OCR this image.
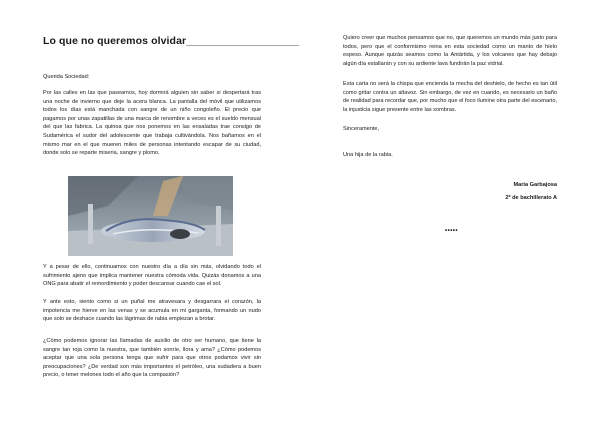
Lo que no queremos olvidar___________________
Querida Sociedad:
Por las calles en las que paseamos, hoy dormirá alguien sin saber si despertará tras una noche de invierno que deje la acera blanca. La pantalla del móvil que utilizamos todos los días está manchada con sangre de un niño congoleño. El precio que pagamos por unas zapatillas de una marca de renombre a veces es el sueldo mensual del que las fabrica. La quinoa que nos ponemos en las ensaladas trae consigo de Sudamérica el sudor del adolescente que trabaja cultivándola. Nos bañamos en el mismo mar en el que mueren miles de personas intentando escapar de su ciudad, donde solo se reparte miseria, sangre y plomo.
Y a pesar de ello, continuamos con nuestro día a día sin más, olvidando todo el sufrimiento ajeno que implica mantener nuestra cómoda vida. Quizás donamos a una ONG para abatir el remordimiento y poder descansar cuando cae el sol.
Y ante esto, siento como si un puñal me atravesara y desgarrara el corazón, la impotencia me hierve en las venas y se acumula en mi garganta, formando un nudo que solo se deshace cuando las lágrimas de rabia empiezan a brotar.
¿Cómo podemos ignorar las llamadas de auxilio de otro ser humano, que tiene la sangre tan roja como la nuestra, que también sonríe, llora y ama? ¿Cómo podemos aceptar que una sola persona tenga que sufrir para que otros podamos vivir sin preocupaciones? ¿De verdad son más importantes el petróleo, una sudadera a buen precio, o tener melones todo el año que la compasión?
Quiero creer que muchos pensamos que no, que queremos un mundo más justo para todos, pero que el conformismo reina en esta sociedad como un manto de hielo espeso. Aunque quizás seamos como la Antártida, y los volcanes que hay debajo algún día estallarán y con su ardiente lava fundirán la paz vidrial.
Esta carta no será la chispa que encienda la mecha del deshielo, de hecho es tan útil como gritar contra un altavoz. Sin embargo, de vez en cuando, es necesario un baño de realidad para recordar que, por mucho que el foco ilumine otra parte del escenario, la injusticia sigue presente entre las sombras.
Sinceramente,
Una hija de la rabia.
María Garbajosa
2º de bachillerato A
•••••
